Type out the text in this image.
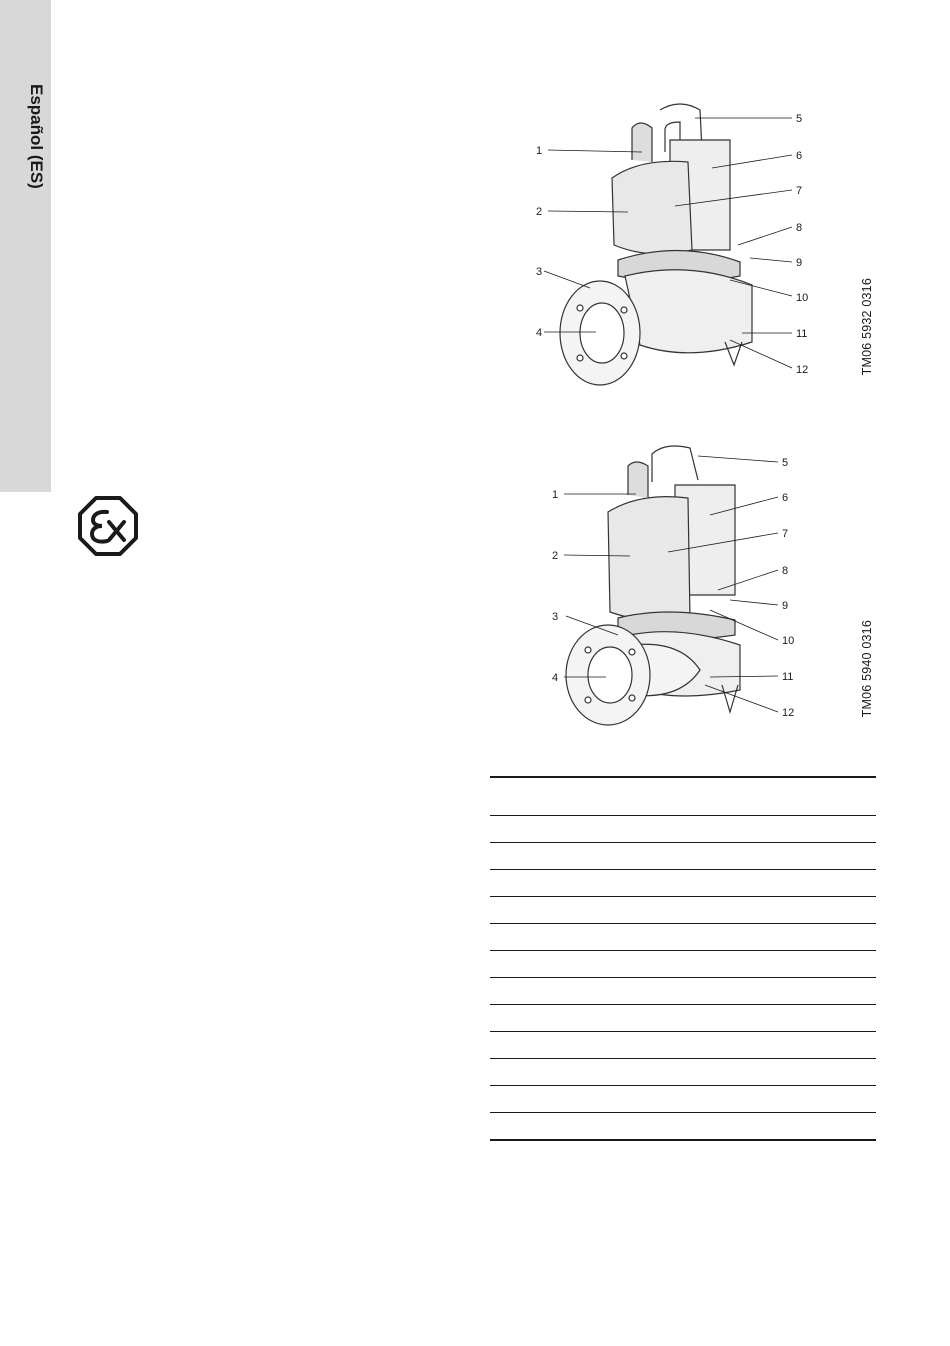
Español (ES)	1
2
3
4
5
6
7
8
9
10
11
12	TM06 5932 0316
1
2
3
4
5
6
7
8
9
10
11
12	TM06 5940 0316
